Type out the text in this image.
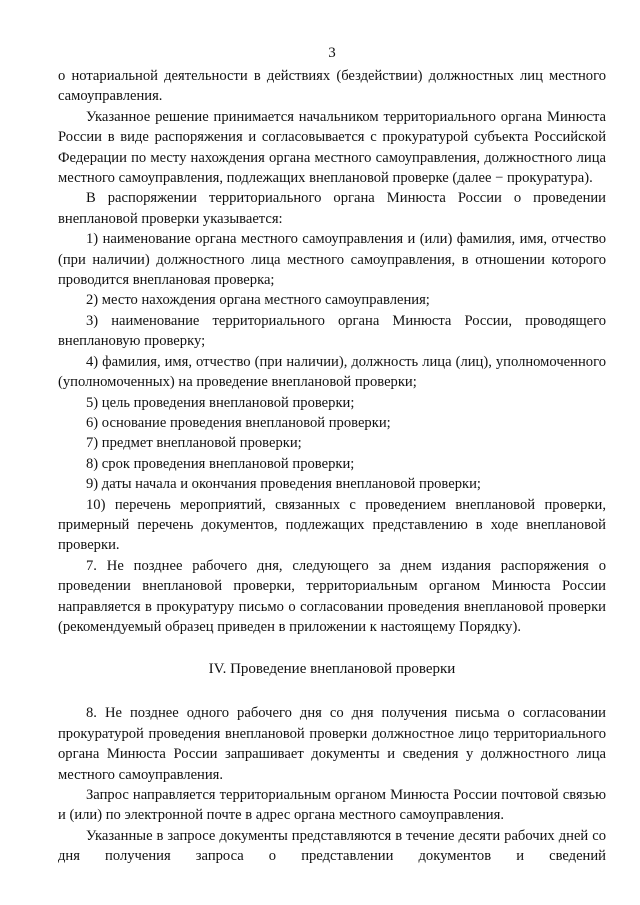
3

о нотариальной деятельности в действиях (бездействии) должностных лиц местного самоуправления.

Указанное решение принимается начальником территориального органа Минюста России в виде распоряжения и согласовывается с прокуратурой субъекта Российской Федерации по месту нахождения органа местного самоуправления, должностного лица местного самоуправления, подлежащих внеплановой проверке (далее − прокуратура).

В распоряжении территориального органа Минюста России о проведении внеплановой проверки указывается:

1) наименование органа местного самоуправления и (или) фамилия, имя, отчество (при наличии) должностного лица местного самоуправления, в отношении которого проводится внеплановая проверка;

2) место нахождения органа местного самоуправления;

3) наименование территориального органа Минюста России, проводящего внеплановую проверку;

4) фамилия, имя, отчество (при наличии), должность лица (лиц), уполномоченного (уполномоченных) на проведение внеплановой проверки;

5) цель проведения внеплановой проверки;

6) основание проведения внеплановой проверки;

7) предмет внеплановой проверки;

8) срок проведения внеплановой проверки;

9) даты начала и окончания проведения внеплановой проверки;

10) перечень мероприятий, связанных с проведением внеплановой проверки, примерный перечень документов, подлежащих представлению в ходе внеплановой проверки.

7. Не позднее рабочего дня, следующего за днем издания распоряжения о проведении внеплановой проверки, территориальным органом Минюста России направляется в прокуратуру письмо о согласовании проведения внеплановой проверки (рекомендуемый образец приведен в приложении к настоящему Порядку).

IV. Проведение внеплановой проверки

8. Не позднее одного рабочего дня со дня получения письма о согласовании прокуратурой проведения внеплановой проверки должностное лицо территориального органа Минюста России запрашивает документы и сведения у должностного лица местного самоуправления.

Запрос направляется территориальным органом Минюста России почтовой связью и (или) по электронной почте в адрес органа местного самоуправления.

Указанные в запросе документы представляются в течение десяти рабочих дней со дня получения запроса о представлении документов и сведений
